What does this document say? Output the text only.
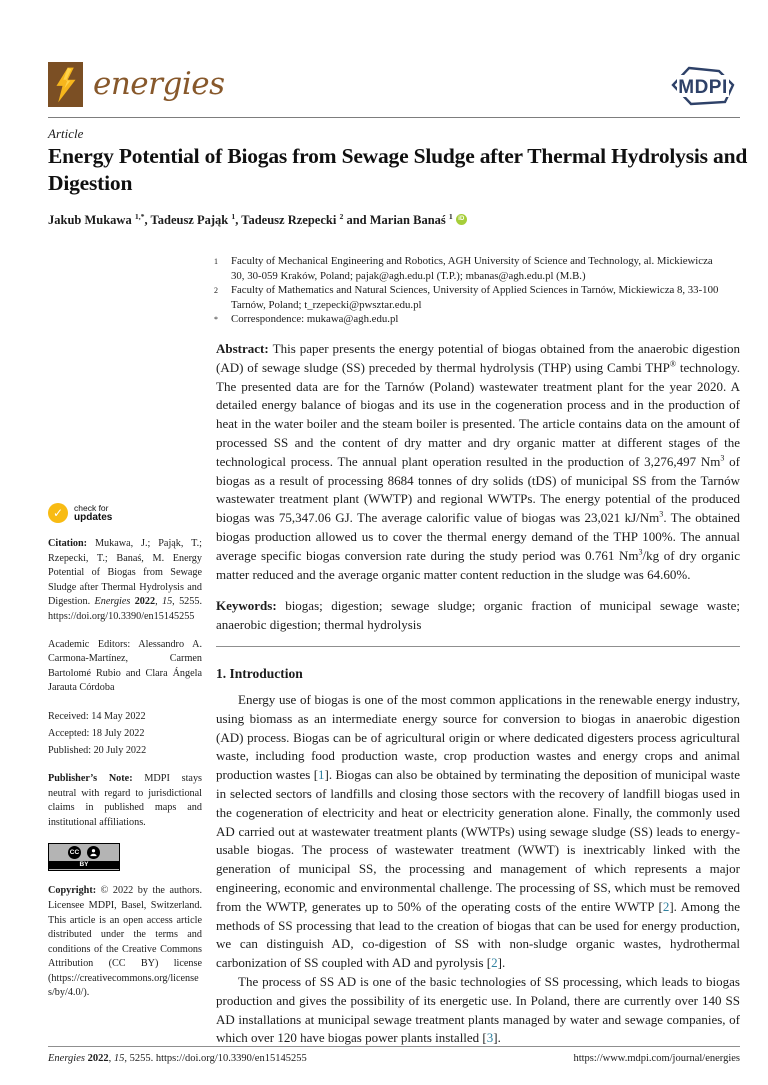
energies	MDPI
Article
Energy Potential of Biogas from Sewage Sludge after Thermal Hydrolysis and Digestion
Jakub Mukawa $^{1,*}$, Tadeusz Pająk $^1$, Tadeusz Rzepecki $^2$ and Marian Banaś $^1$ iD
1	Faculty of Mechanical Engineering and Robotics, AGH University of Science and Technology, al. Mickiewicza 30, 30-059 Kraków, Poland; pajak@agh.edu.pl (T.P.); mbanas@agh.edu.pl (M.B.)
2	Faculty of Mathematics and Natural Sciences, University of Applied Sciences in Tarnów, Mickiewicza 8, 33-100 Tarnów, Poland; t_rzepecki@pwsztar.edu.pl
*	Correspondence: mukawa@agh.edu.pl

Abstract: This paper presents the energy potential of biogas obtained from the anaerobic digestion (AD) of sewage sludge (SS) preceded by thermal hydrolysis (THP) using Cambi THP® technology. The presented data are for the Tarnów (Poland) wastewater treatment plant for the year 2020. A detailed energy balance of biogas and its use in the cogeneration process and in the production of heat in the water boiler and the steam boiler is presented. The article contains data on the amount of processed SS and the content of dry matter and dry organic matter at different stages of the technological process. The annual plant operation resulted in the production of 3,276,497 Nm$^3$ of biogas as a result of processing 8684 tonnes of dry solids (tDS) of municipal SS from the Tarnów wastewater treatment plant (WWTP) and regional WWTPs. The energy potential of the produced biogas was 75,347.06 GJ. The average calorific value of biogas was 23,021 kJ/Nm$^3$. The obtained biogas production allowed us to cover the thermal energy demand of the THP 100%. The annual average specific biogas conversion rate during the study period was 0.761 Nm$^3$/kg of dry organic matter reduced and the average organic matter content reduction in the sludge was 64.60%.

Keywords: biogas; digestion; sewage sludge; organic fraction of municipal sewage waste; anaerobic digestion; thermal hydrolysis

1. Introduction

Energy use of biogas is one of the most common applications in the renewable energy industry, using biomass as an intermediate energy source for conversion to biogas in anaerobic digestion (AD) process. Biogas can be of agricultural origin or where dedicated digesters process agricultural waste, including food production waste, crop production wastes and energy crops and animal production wastes [1]. Biogas can also be obtained by terminating the deposition of municipal waste in selected sectors of landfills and closing those sectors with the recovery of landfill biogas used in the cogeneration of electricity and heat or electricity generation alone. Finally, the commonly used AD carried out at wastewater treatment plants (WWTPs) using sewage sludge (SS) leads to energy-usable biogas. The process of wastewater treatment (WWT) is inextricably linked with the generation of municipal SS, the processing and management of which represents a major engineering, economic and environmental challenge. The processing of SS, which must be removed from the WWTP, generates up to 50% of the operating costs of the entire WWTP [2]. Among the methods of SS processing that lead to the creation of biogas that can be used for energy production, we can distinguish AD, co-digestion of SS with non-sludge organic wastes, hydrothermal carbonization of SS coupled with AD and pyrolysis [2].

The process of SS AD is one of the basic technologies of SS processing, which leads to biogas production and gives the possibility of its energetic use. In Poland, there are currently over 140 SS AD installations at municipal sewage treatment plants managed by water and sewage companies, of which over 120 have biogas power plants installed [3].

✓
check for
updates

Citation: Mukawa, J.; Pająk, T.; Rzepecki, T.; Banaś, M. Energy Potential of Biogas from Sewage Sludge after Thermal Hydrolysis and Digestion. Energies 2022, 15, 5255. https://doi.org/10.3390/en15145255

Academic Editors: Alessandro A. Carmona-Martínez, Carmen Bartolomé Rubio and Clara Ángela Jarauta Córdoba

Received: 14 May 2022
Accepted: 18 July 2022
Published: 20 July 2022

Publisher’s Note: MDPI stays neutral with regard to jurisdictional claims in published maps and institutional affiliations.

CC
BY

Copyright: © 2022 by the authors. Licensee MDPI, Basel, Switzerland. This article is an open access article distributed under the terms and conditions of the Creative Commons Attribution (CC BY) license (https://creativecommons.org/licenses/by/4.0/).

Energies 2022, 15, 5255. https://doi.org/10.3390/en15145255	https://www.mdpi.com/journal/energies
